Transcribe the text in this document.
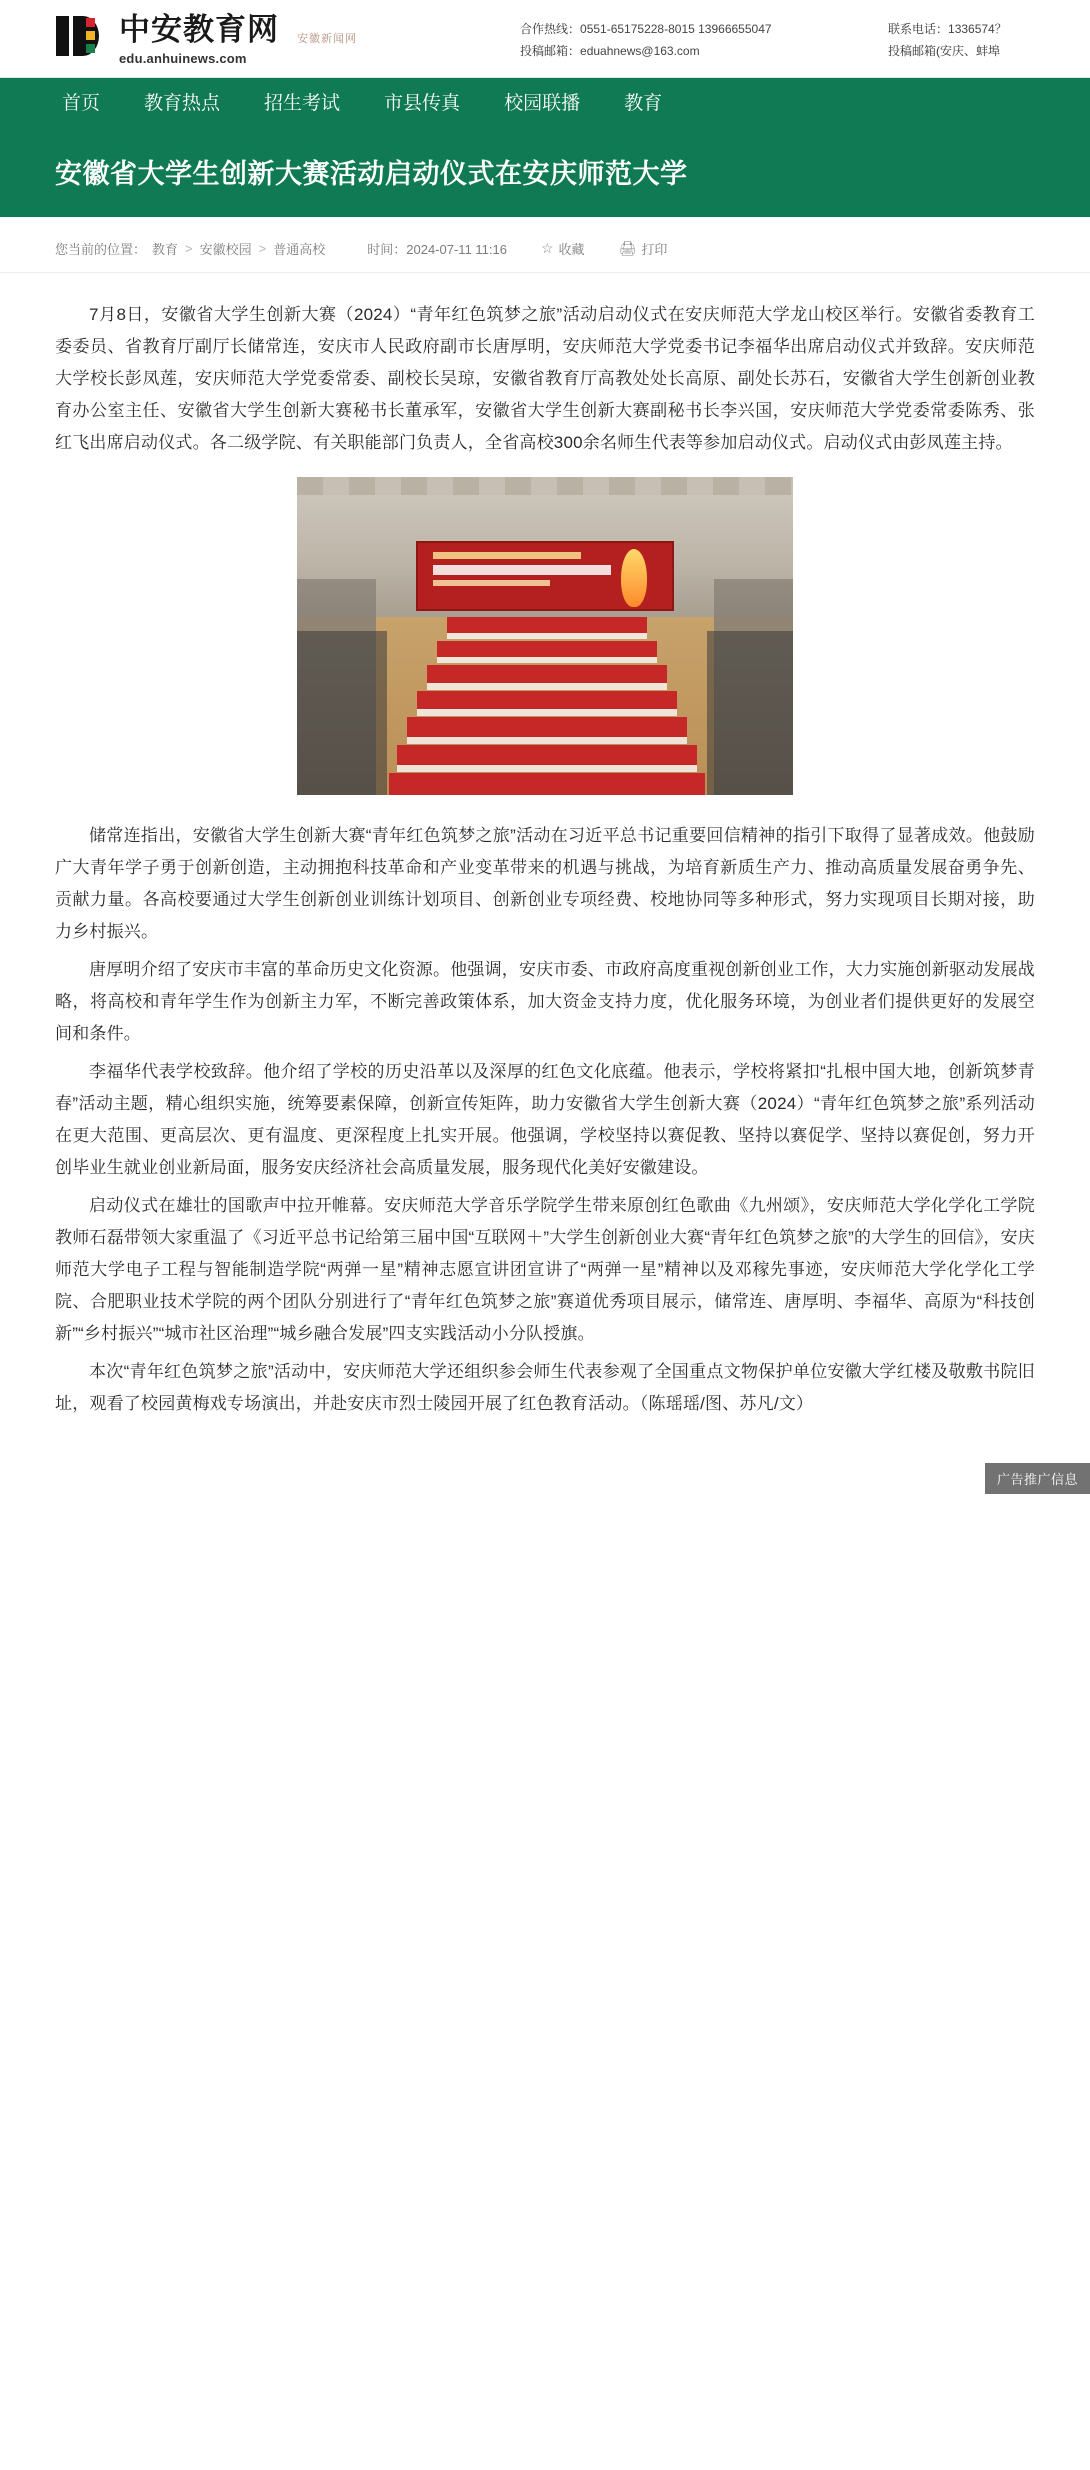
中安教育网
edu.anhuinews.com
安徽新闻网
合作热线：0551-65175228-8015 13966655047
投稿邮箱：eduahnews@163.com
联系电话：1336574？
投稿邮箱(安庆、蚌埠
首页	教育热点	招生考试	市县传真	校园联播	教育
安徽省大学生创新大赛活动启动仪式在安庆师范大学
您当前的位置： 教育 > 安徽校园 > 普通高校	时间：2024-07-11 11:16 ☆ 收藏 🖨 打印

7月8日，安徽省大学生创新大赛（2024）“青年红色筑梦之旅”活动启动仪式在安庆师范大学龙山校区举行。安徽省委教育工委委员、省教育厅副厅长储常连，安庆市人民政府副市长唐厚明，安庆师范大学党委书记李福华出席启动仪式并致辞。安庆师范大学校长彭凤莲，安庆师范大学党委常委、副校长吴琼，安徽省教育厅高教处处长高原、副处长苏石，安徽省大学生创新创业教育办公室主任、安徽省大学生创新大赛秘书长董承军，安徽省大学生创新大赛副秘书长李兴国，安庆师范大学党委常委陈秀、张红飞出席启动仪式。各二级学院、有关职能部门负责人，全省高校300余名师生代表等参加启动仪式。启动仪式由彭凤莲主持。

储常连指出，安徽省大学生创新大赛“青年红色筑梦之旅”活动在习近平总书记重要回信精神的指引下取得了显著成效。他鼓励广大青年学子勇于创新创造，主动拥抱科技革命和产业变革带来的机遇与挑战，为培育新质生产力、推动高质量发展奋勇争先、贡献力量。各高校要通过大学生创新创业训练计划项目、创新创业专项经费、校地协同等多种形式，努力实现项目长期对接，助力乡村振兴。

唐厚明介绍了安庆市丰富的革命历史文化资源。他强调，安庆市委、市政府高度重视创新创业工作，大力实施创新驱动发展战略，将高校和青年学生作为创新主力军，不断完善政策体系，加大资金支持力度，优化服务环境，为创业者们提供更好的发展空间和条件。

李福华代表学校致辞。他介绍了学校的历史沿革以及深厚的红色文化底蕴。他表示，学校将紧扣“扎根中国大地，创新筑梦青春”活动主题，精心组织实施，统筹要素保障，创新宣传矩阵，助力安徽省大学生创新大赛（2024）“青年红色筑梦之旅”系列活动在更大范围、更高层次、更有温度、更深程度上扎实开展。他强调，学校坚持以赛促教、坚持以赛促学、坚持以赛促创，努力开创毕业生就业创业新局面，服务安庆经济社会高质量发展，服务现代化美好安徽建设。

启动仪式在雄壮的国歌声中拉开帷幕。安庆师范大学音乐学院学生带来原创红色歌曲《九州颂》，安庆师范大学化学化工学院教师石磊带领大家重温了《习近平总书记给第三届中国“互联网＋”大学生创新创业大赛“青年红色筑梦之旅”的大学生的回信》，安庆师范大学电子工程与智能制造学院“两弹一星”精神志愿宣讲团宣讲了“两弹一星”精神以及邓稼先事迹，安庆师范大学化学化工学院、合肥职业技术学院的两个团队分别进行了“青年红色筑梦之旅”赛道优秀项目展示，储常连、唐厚明、李福华、高原为“科技创新”“乡村振兴”“城市社区治理”“城乡融合发展”四支实践活动小分队授旗。

本次“青年红色筑梦之旅”活动中，安庆师范大学还组织参会师生代表参观了全国重点文物保护单位安徽大学红楼及敬敷书院旧址，观看了校园黄梅戏专场演出，并赴安庆市烈士陵园开展了红色教育活动。（陈瑶瑶/图、苏凡/文）

广告推广信息
